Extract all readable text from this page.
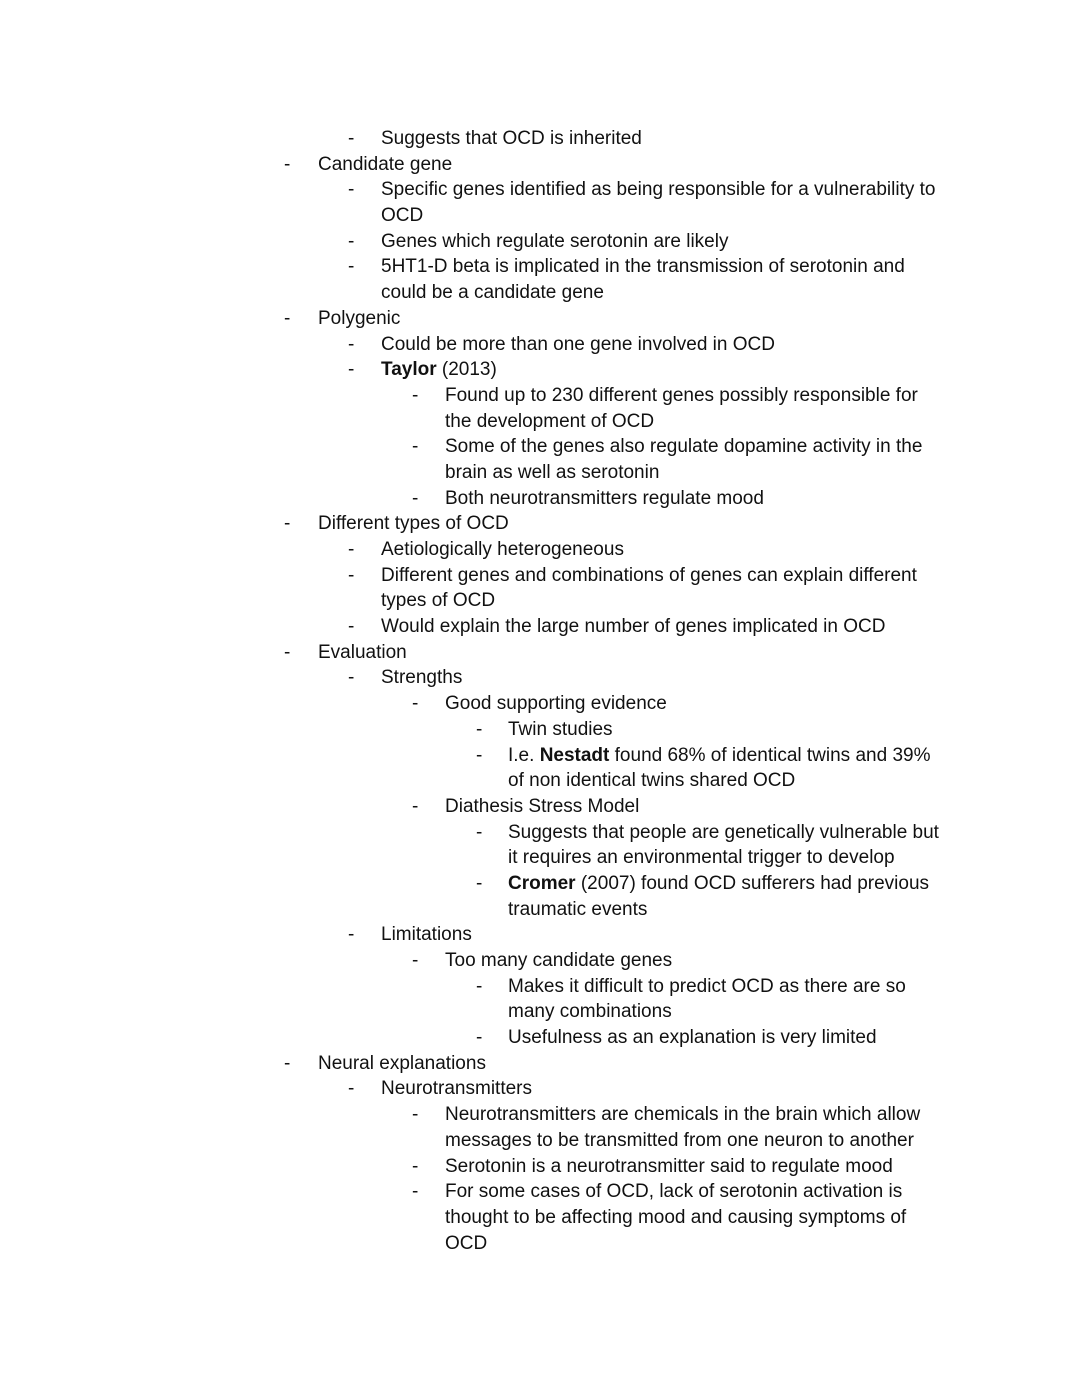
- Suggests that OCD is inherited
- Candidate gene
- Specific genes identified as being responsible for a vulnerability to
OCD
- Genes which regulate serotonin are likely
- 5HT1-D beta is implicated in the transmission of serotonin and
could be a candidate gene
- Polygenic
- Could be more than one gene involved in OCD
- Taylor (2013)
- Found up to 230 different genes possibly responsible for
the development of OCD
- Some of the genes also regulate dopamine activity in the
brain as well as serotonin
- Both neurotransmitters regulate mood
- Different types of OCD
- Aetiologically heterogeneous
- Different genes and combinations of genes can explain different
types of OCD
- Would explain the large number of genes implicated in OCD
- Evaluation
- Strengths
- Good supporting evidence
- Twin studies
- I.e. Nestadt found 68% of identical twins and 39%
of non identical twins shared OCD
- Diathesis Stress Model
- Suggests that people are genetically vulnerable but
it requires an environmental trigger to develop
- Cromer (2007) found OCD sufferers had previous
traumatic events
- Limitations
- Too many candidate genes
- Makes it difficult to predict OCD as there are so
many combinations
- Usefulness as an explanation is very limited
- Neural explanations
- Neurotransmitters
- Neurotransmitters are chemicals in the brain which allow
messages to be transmitted from one neuron to another
- Serotonin is a neurotransmitter said to regulate mood
- For some cases of OCD, lack of serotonin activation is
thought to be affecting mood and causing symptoms of
OCD
